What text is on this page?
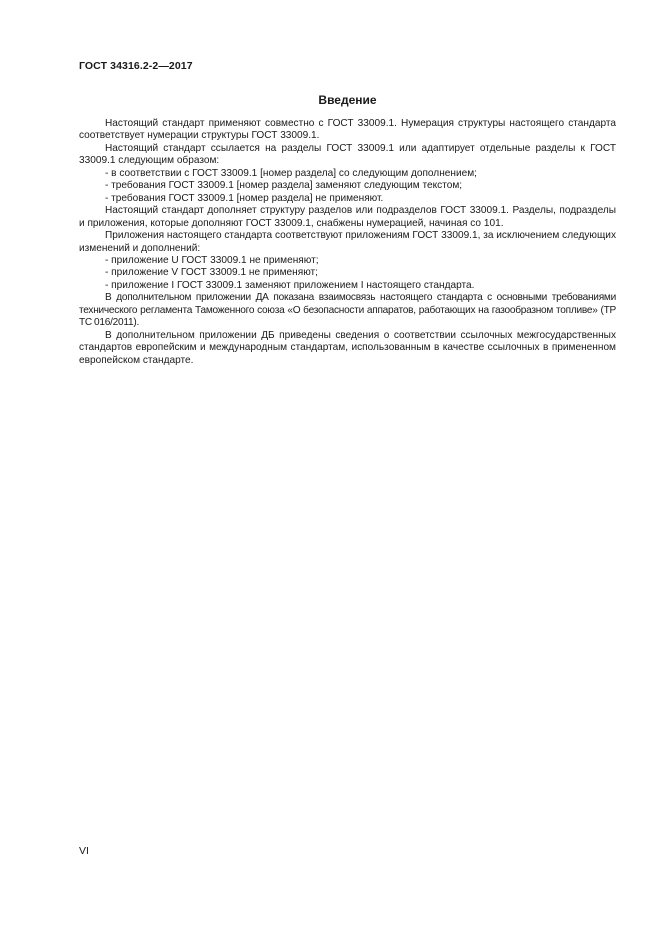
ГОСТ 34316.2-2—2017
Введение

Настоящий стандарт применяют совместно с ГОСТ 33009.1. Нумерация структуры настоящего стандарта соответствует нумерации структуры ГОСТ 33009.1.

Настоящий стандарт ссылается на разделы ГОСТ 33009.1 или адаптирует отдельные разделы к ГОСТ 33009.1 следующим образом:

- в соответствии с ГОСТ 33009.1 [номер раздела] со следующим дополнением;

- требования ГОСТ 33009.1 [номер раздела] заменяют следующим текстом;

- требования ГОСТ 33009.1 [номер раздела] не применяют.

Настоящий стандарт дополняет структуру разделов или подразделов ГОСТ 33009.1. Разделы, подразделы и приложения, которые дополняют ГОСТ 33009.1, снабжены нумерацией, начиная со 101.

Приложения настоящего стандарта соответствуют приложениям ГОСТ 33009.1, за исключением следующих изменений и дополнений:

- приложение U ГОСТ 33009.1 не применяют;

- приложение V ГОСТ 33009.1 не применяют;

- приложение I ГОСТ 33009.1 заменяют приложением I настоящего стандарта.

В дополнительном приложении ДА показана взаимосвязь настоящего стандарта с основными требованиями технического регламента Таможенного союза «О безопасности аппаратов, работающих на газообразном топливе» (ТР ТС 016/2011).

В дополнительном приложении ДБ приведены сведения о соответствии ссылочных межгосударственных стандартов европейским и международным стандартам, использованным в качестве ссылочных в примененном европейском стандарте.

VI
